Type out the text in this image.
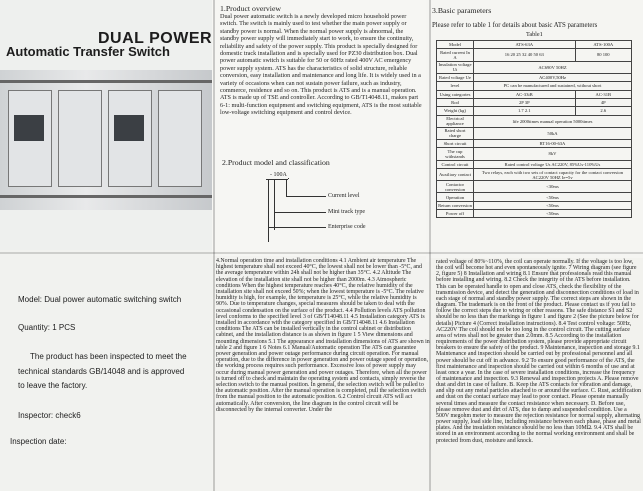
DUAL POWER
Automatic Transfer Switch
Model: Dual power automatic switching switch
Quantity: 1 PCS
The product has been inspected to meet the
technical standards GB/14048 and is approved
to leave the factory.
Inspector: check6
Inspection date:
1.Product overview
Dual power automatic switch is a newly developed micro household power switch. The switch is mainly used to test whether the main power supply or standby power is normal. When the normal power supply is abnormal, the standby power supply will immediately start to work, to ensure the continuity, reliability and safety of the power supply. This product is specially designed for domestic track installation and is specially used for PZ30 distribution box. Dual power automatic switch is suitable for 50 or 60Hz rated 400V AC emergency power supply system. ATS has the characteristics of solid structure, reliable conversion, easy installation and maintenance and long life. It is widely used in a variety of occasions when can not sustain power failure, such as industry, commerce, residence and so on. This product is ATS and is a manual operation. ATS is made up of TSE and controller. According to GB/T14048.11, makes part 6-1: multi-function equipment and switching equipment, ATS is the most suitable low-voltage switching equipment and control device.
2.Product model and classification
- 100A
Current level
Mini track type
Enterprise code
4.Normal operation time and installation conditions 4.1 Ambient air temperature The highest temperature shall not exceed 40°C, the lowest shall not be lower than -5°C, and the average temperature within 24h shall not be higher than 35°C. 4.2 Altitude The elevation of the installation site shall not be higher than 2000m. 4.3 Atmospheric conditions When the highest temperature reaches 40°C, the relative humidity of the installation site shall not exceed 50%; when the lowest temperature is -5°C. The relative humidity is high, for example, the temperature is 25°C, while the relative humidity is 90%. Due to temperature changes, special measures should be taken to deal with the occasional condensation on the surface of the product. 4.4 Pollution levels ATS pollution level conforms to the specified level 3 of GB/T14048.11 4.5 Installation category ATS is installed in accordance with the category specified in GB/T14048.11 4.6 Installation conditions The ATS can be installed vertically in the control cabinet or distribution cabinet, and the installation distance is as shown in figure 1 5 View dimensions and mounting dimensions 5.1 The appearance and installation dimensions of ATS are shown in table 2 and figure 1 6 Notes 6.1 Manual/Automatic operation The ATS can guarantee power generation and power outage performance during circuit operation. For manual operation, due to the difference in power generation and power outage speed or operation, the working process requires such performance. Excessive loss of power supply may occur during manual power generation and power outages. Therefore, when all the power is turned off to check and maintain the operating system and contacts, simply reverse the selection switch to the manual position. In general, the selection switch will be pulled to the automatic position. After the manual operation is completed, pull the selection switch from the manual position to the automatic position. 6.2 Control circuit ATS will act automatically. After conversion, the line diagram in the control circuit will be disconnected by the internal converter. Under the
3.Basic parameters
Please refer to table 1 for details about basic ATS parameters
Table1
Model	ATS-63A	ATS-100A
Rated current In A	16 20 25 32 40 50 63	80 100
Insulation voltage Ui	AC690V 50HZ	
Rated voltage Ue	AC400V,50Hz	
level	PC can be manufactured and sustained, without short	
Using categories	AC-33iB	AC-31B
Rod	2P 3P	4P
Weight (kg)	1.7 2.1	2.6
Electrical appliance	life 2000times manual operation 5000times	
Rated short charge	50kA	
Short circuit	RT16-00-63A	
The cup withstands	8kV	
Control circuit	Rated control voltage Us AC220V, 85%Us-110%Us	
Auxiliary contact	Two relays, each with two sets of contact capacity for the contact conversion AC220V 50HZ Ie=5v	
Contactor conversion	<30ms	
Operation	<50ms	
Return conversion	<50ms	
Power off	<50ms	
rated voltage of 80%~110%, the coil can operate normally. If the voltage is too low, the coil will become hot and even spontaneously ignite. 7 Wiring diagram (see figure 2, figure 5) 8 Installation and wiring 8.1 Ensure that professionals read this manual before installing and wiring. 8.2 Check the integrity of the ATS before installation. This can be operated handle to open and close ATS, check the flexibility of the transmission device, and detect the generation and disconnection conditions of load in each stage of normal and standby power supply. The correct steps are shown in the diagram. The trademark is on the front of the product. Please contact us if you fail to follow the correct steps due to wiring or other reasons. The safe distance S1 and S2 should be no less than the markings in figure 1 and figure 2 (See the picture below for details) Picture 4 (Correct installation instructions). 8.4 Test control voltage: 50Hz, AC220V The coil should not be too long in the control circuit. The cutting surface area of wires shall not be greater than 2.0mm. 8.5 According to the installation requirements of the power distribution system, please provide appropriate circuit breakers to ensure the safety of the product. 9 Maintenance, inspection and storage 9.1 Maintenance and inspection should be carried out by professional personnel and all power should be cut off in advance. 9.2 To ensure good performance of the ATS, the first maintenance and inspection should be carried out within 6 months of use and at least once a year. In the case of severe installation conditions, increase the frequency of maintenance and inspection. 9.3 Renewal and inspection projects A. Please remove dust and dirt in case of failure. B. Keep the ATS contacts for vibration and damage, and slip out any metal particles attached to or around the surface. C. Rust, acidification and dust on the contact surface may lead to poor contact. Please operate manually several times and measure the contact resistance when necessary. D. Before use, please remove dust and dirt of ATS, due to damp and suspended condition. Use a 500V megohm meter to measure the rejection resistance for normal supply, alternating power supply, load side line, including resistance between each phase, phase and metal plates. And the insulation resistance should be no less than 10MΩ. 9.4 ATS shall be stored in an environment according to the normal working environment and shall be protected from dust, moisture and knock.
